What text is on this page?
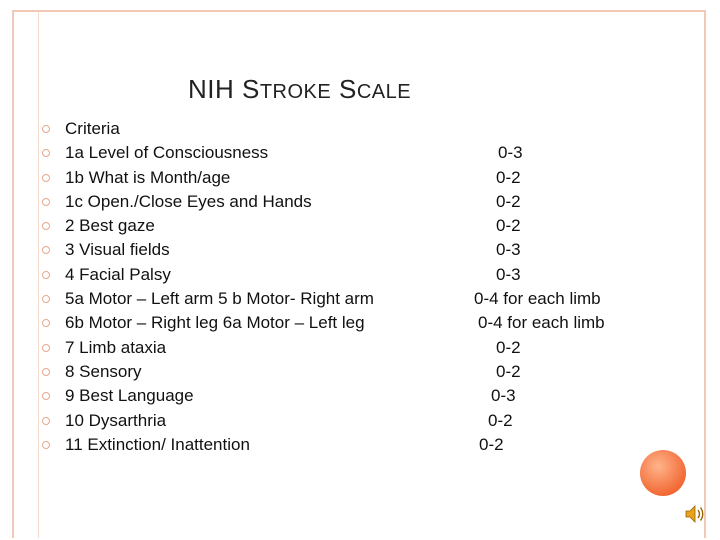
NIH STROKE SCALE
Criteria
1a Level of Consciousness	0-3
1b What is Month/age	0-2
1c Open./Close Eyes and Hands	0-2
2 Best gaze	0-2
3 Visual fields	0-3
4 Facial Palsy	0-3
5a Motor – Left arm 5 b Motor- Right arm	0-4 for each limb
6b Motor – Right leg 6a Motor – Left leg	0-4 for each limb
7 Limb ataxia	0-2
8 Sensory	0-2
9 Best Language	0-3
10 Dysarthria	0-2
11 Extinction/ Inattention	0-2
